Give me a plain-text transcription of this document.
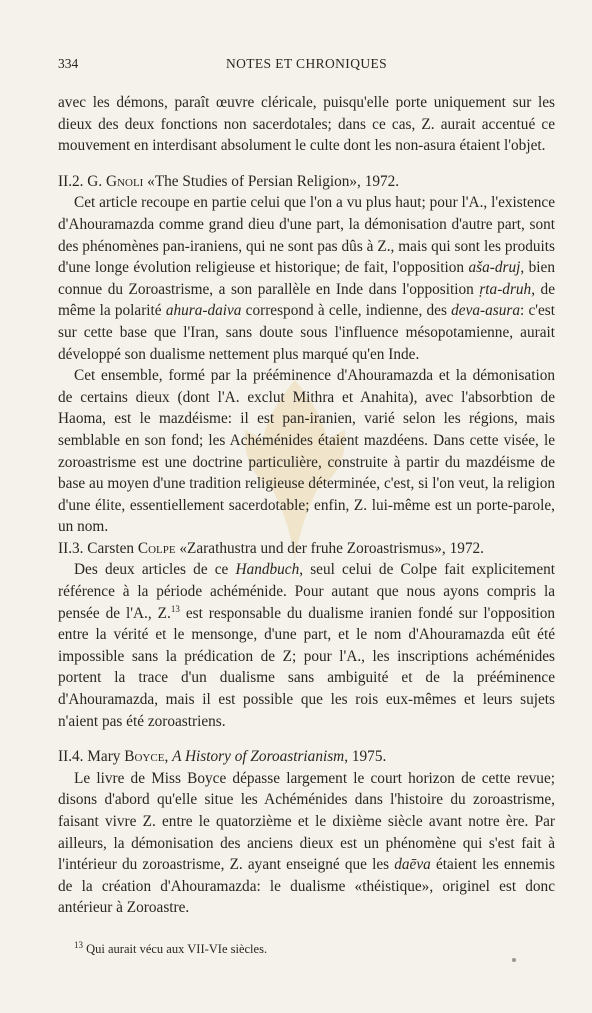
334	NOTES ET CHRONIQUES

avec les démons, paraît œuvre cléricale, puisqu'elle porte uniquement sur les dieux des deux fonctions non sacerdotales; dans ce cas, Z. aurait accentué ce mouvement en interdisant absolument le culte dont les non-asura étaient l'objet.

II.2. G. Gnoli «The Studies of Persian Religion», 1972.

Cet article recoupe en partie celui que l'on a vu plus haut; pour l'A., l'existence d'Ahouramazda comme grand dieu d'une part, la démonisation d'autre part, sont des phénomènes pan-iraniens, qui ne sont pas dûs à Z., mais qui sont les produits d'une longe évolution religieuse et historique; de fait, l'opposition aša-druj, bien connue du Zoroastrisme, a son parallèle en Inde dans l'opposition ṛta-druh, de même la polarité ahura-daiva correspond à celle, indienne, des deva-asura: c'est sur cette base que l'Iran, sans doute sous l'influence mésopotamienne, aurait développé son dualisme nettement plus marqué qu'en Inde.

Cet ensemble, formé par la prééminence d'Ahouramazda et la démonisation de certains dieux (dont l'A. exclut Mithra et Anahita), avec l'absorbtion de Haoma, est le mazdéisme: il est pan-iranien, varié selon les régions, mais semblable en son fond; les Achéménides étaient mazdéens. Dans cette visée, le zoroastrisme est une doctrine particulière, construite à partir du mazdéisme de base au moyen d'une tradition religieuse déterminée, c'est, si l'on veut, la religion d'une élite, essentiellement sacerdotable; enfin, Z. lui-même est un porte-parole, un nom.

II.3. Carsten Colpe «Zarathustra und der fruhe Zoroastrismus», 1972.

Des deux articles de ce Handbuch, seul celui de Colpe fait explicitement référence à la période achéménide. Pour autant que nous ayons compris la pensée de l'A., Z.$^{13}$ est responsable du dualisme iranien fondé sur l'opposition entre la vérité et le mensonge, d'une part, et le nom d'Ahouramazda eût été impossible sans la prédication de Z; pour l'A., les inscriptions achéménides portent la trace d'un dualisme sans ambiguité et de la prééminence d'Ahouramazda, mais il est possible que les rois eux-mêmes et leurs sujets n'aient pas été zoroastriens.

II.4. Mary Boyce, A History of Zoroastrianism, 1975.

Le livre de Miss Boyce dépasse largement le court horizon de cette revue; disons d'abord qu'elle situe les Achéménides dans l'histoire du zoroastrisme, faisant vivre Z. entre le quatorzième et le dixième siècle avant notre ère. Par ailleurs, la démonisation des anciens dieux est un phénomène qui s'est fait à l'intérieur du zoroastrisme, Z. ayant enseigné que les daēva étaient les ennemis de la création d'Ahouramazda: le dualisme «théistique», originel est donc antérieur à Zoroastre.

$^{13}$ Qui aurait vécu aux VII-VIe siècles.
